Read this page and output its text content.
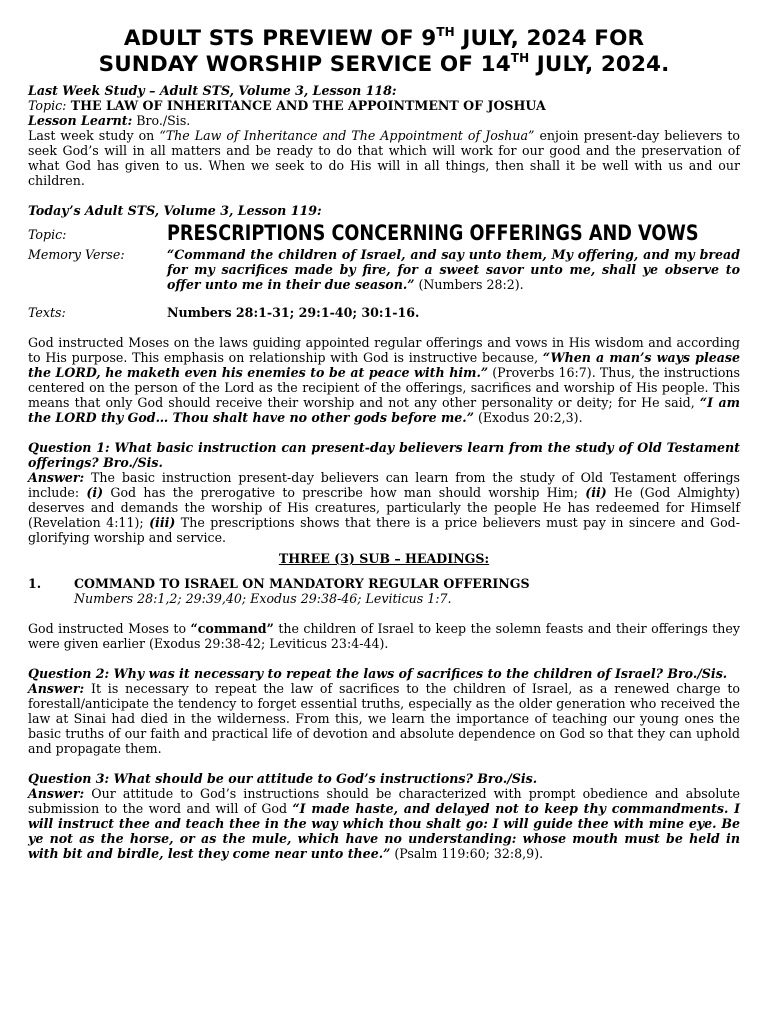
ADULT STS PREVIEW OF 9TH JULY, 2024 FOR
SUNDAY WORSHIP SERVICE OF 14TH JULY, 2024.

Last Week Study – Adult STS, Volume 3, Lesson 118:

Topic: THE LAW OF INHERITANCE AND THE APPOINTMENT OF JOSHUA

Lesson Learnt: Bro./Sis.

Last week study on “The Law of Inheritance and The Appointment of Joshua” enjoin present-day believers to seek God’s will in all matters and be ready to do that which will work for our good and the preservation of what God has given to us. When we seek to do His will in all things, then shall it be well with us and our children.

Today’s Adult STS, Volume 3, Lesson 119:

Topic:	PRESCRIPTIONS CONCERNING OFFERINGS AND VOWS
Memory Verse:	“Command the children of Israel, and say unto them, My offering, and my bread for my sacrifices made by fire, for a sweet savor unto me, shall ye observe to offer unto me in their due season.” (Numbers 28:2).
Texts:	Numbers 28:1-31; 29:1-40; 30:1-16.

God instructed Moses on the laws guiding appointed regular offerings and vows in His wisdom and according to His purpose. This emphasis on relationship with God is instructive because, “When a man’s ways please the LORD, he maketh even his enemies to be at peace with him.” (Proverbs 16:7). Thus, the instructions centered on the person of the Lord as the recipient of the offerings, sacrifices and worship of His people. This means that only God should receive their worship and not any other personality or deity; for He said, “I am the LORD thy God… Thou shalt have no other gods before me.” (Exodus 20:2,3).

Question 1: What basic instruction can present-day believers learn from the study of Old Testament offerings? Bro./Sis.

Answer: The basic instruction present-day believers can learn from the study of Old Testament offerings include: (i) God has the prerogative to prescribe how man should worship Him; (ii) He (God Almighty) deserves and demands the worship of His creatures, particularly the people He has redeemed for Himself (Revelation 4:11); (iii) The prescriptions shows that there is a price believers must pay in sincere and God-glorifying worship and service.

THREE (3) SUB – HEADINGS:

1.	COMMAND TO ISRAEL ON MANDATORY REGULAR OFFERINGS
Numbers 28:1,2; 29:39,40; Exodus 29:38-46; Leviticus 1:7.

God instructed Moses to “command” the children of Israel to keep the solemn feasts and their offerings they were given earlier (Exodus 29:38-42; Leviticus 23:4-44).

Question 2: Why was it necessary to repeat the laws of sacrifices to the children of Israel? Bro./Sis.

Answer: It is necessary to repeat the law of sacrifices to the children of Israel, as a renewed charge to forestall/anticipate the tendency to forget essential truths, especially as the older generation who received the law at Sinai had died in the wilderness. From this, we learn the importance of teaching our young ones the basic truths of our faith and practical life of devotion and absolute dependence on God so that they can uphold and propagate them.

Question 3: What should be our attitude to God’s instructions? Bro./Sis.

Answer: Our attitude to God’s instructions should be characterized with prompt obedience and absolute submission to the word and will of God “I made haste, and delayed not to keep thy commandments. I will instruct thee and teach thee in the way which thou shalt go: I will guide thee with mine eye. Be ye not as the horse, or as the mule, which have no understanding: whose mouth must be held in with bit and birdle, lest they come near unto thee.” (Psalm 119:60; 32:8,9).
